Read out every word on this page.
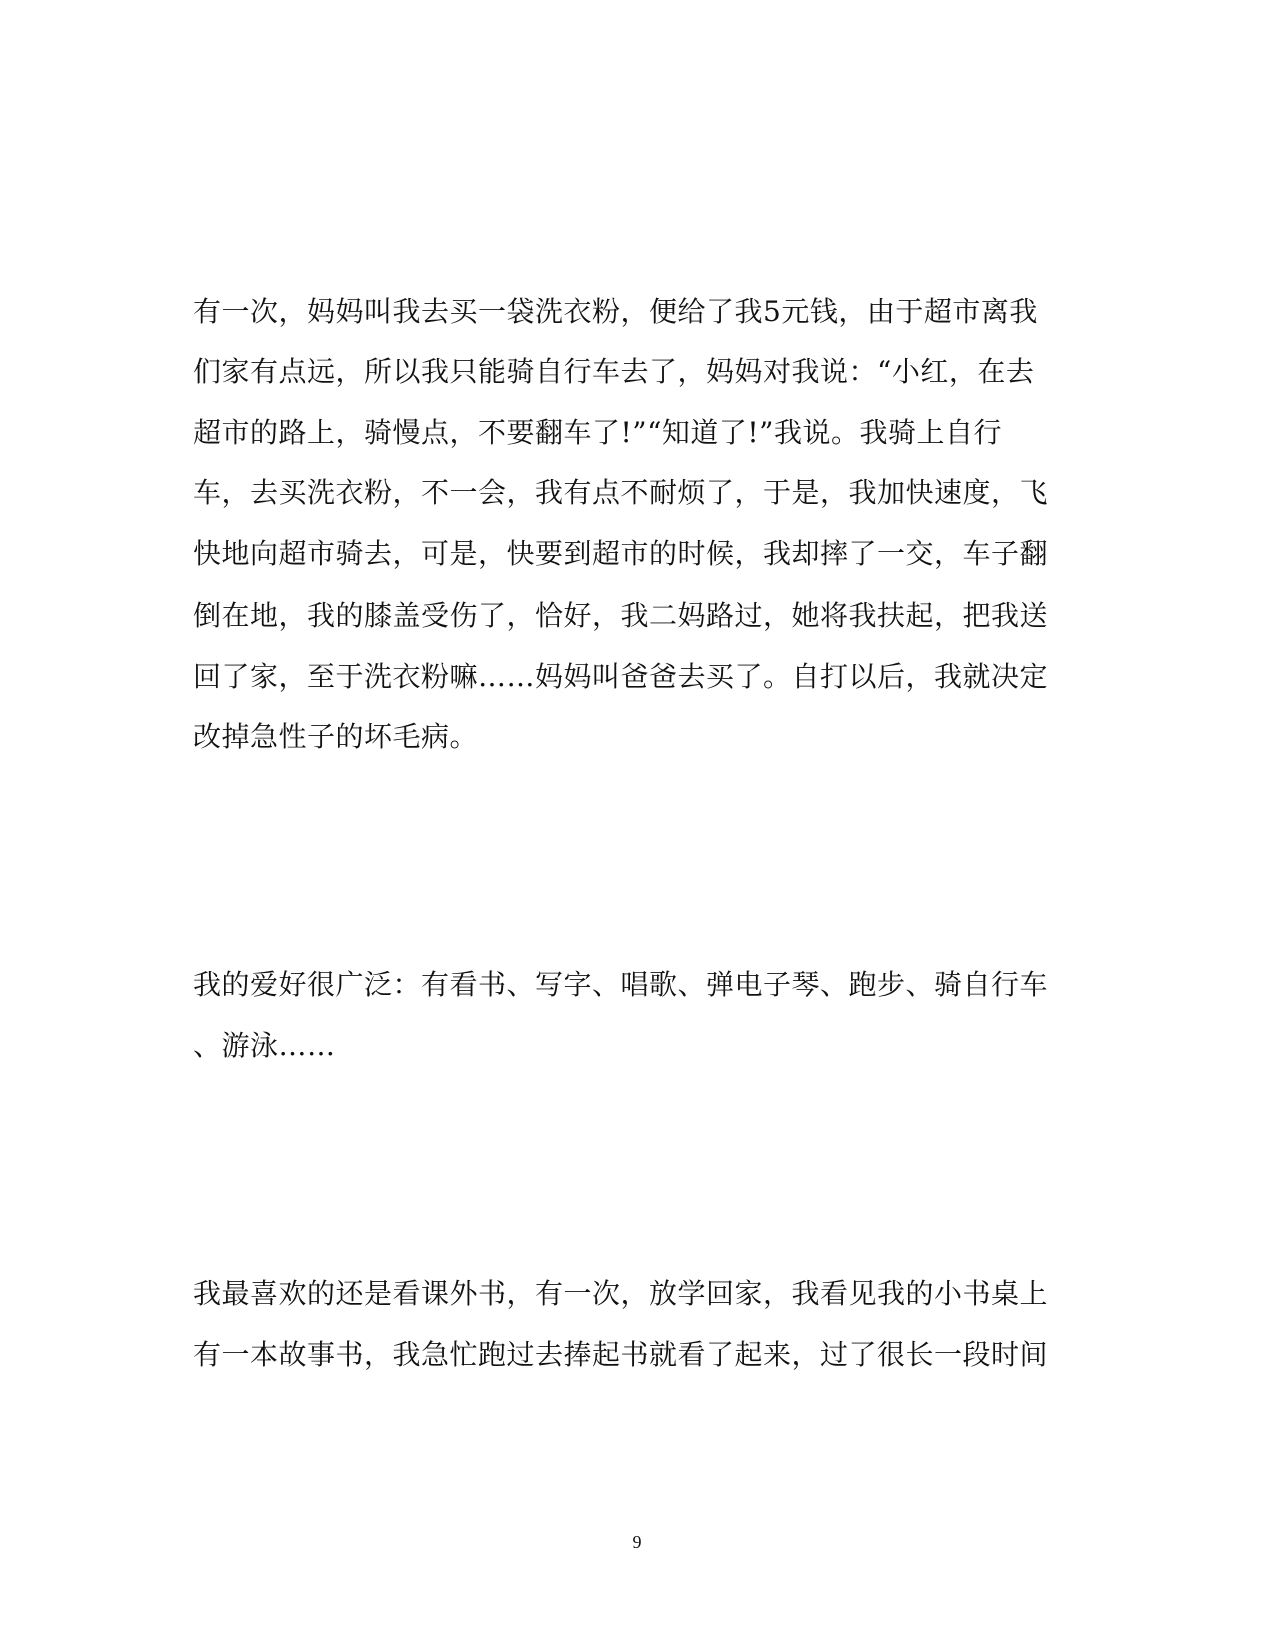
有一次，妈妈叫我去买一袋洗衣粉，便给了我5元钱，由于超市离我
们家有点远，所以我只能骑自行车去了，妈妈对我说：“小红，在去
超市的路上，骑慢点，不要翻车了!”“知道了!”我说。我骑上自行
车，去买洗衣粉，不一会，我有点不耐烦了，于是，我加快速度，飞
快地向超市骑去，可是，快要到超市的时候，我却摔了一交，车子翻
倒在地，我的膝盖受伤了，恰好，我二妈路过，她将我扶起，把我送
回了家，至于洗衣粉嘛……妈妈叫爸爸去买了。自打以后，我就决定
改掉急性子的坏毛病。
我的爱好很广泛：有看书、写字、唱歌、弹电子琴、跑步、骑自行车
、游泳……
我最喜欢的还是看课外书，有一次，放学回家，我看见我的小书桌上
有一本故事书，我急忙跑过去捧起书就看了起来，过了很长一段时间
9
